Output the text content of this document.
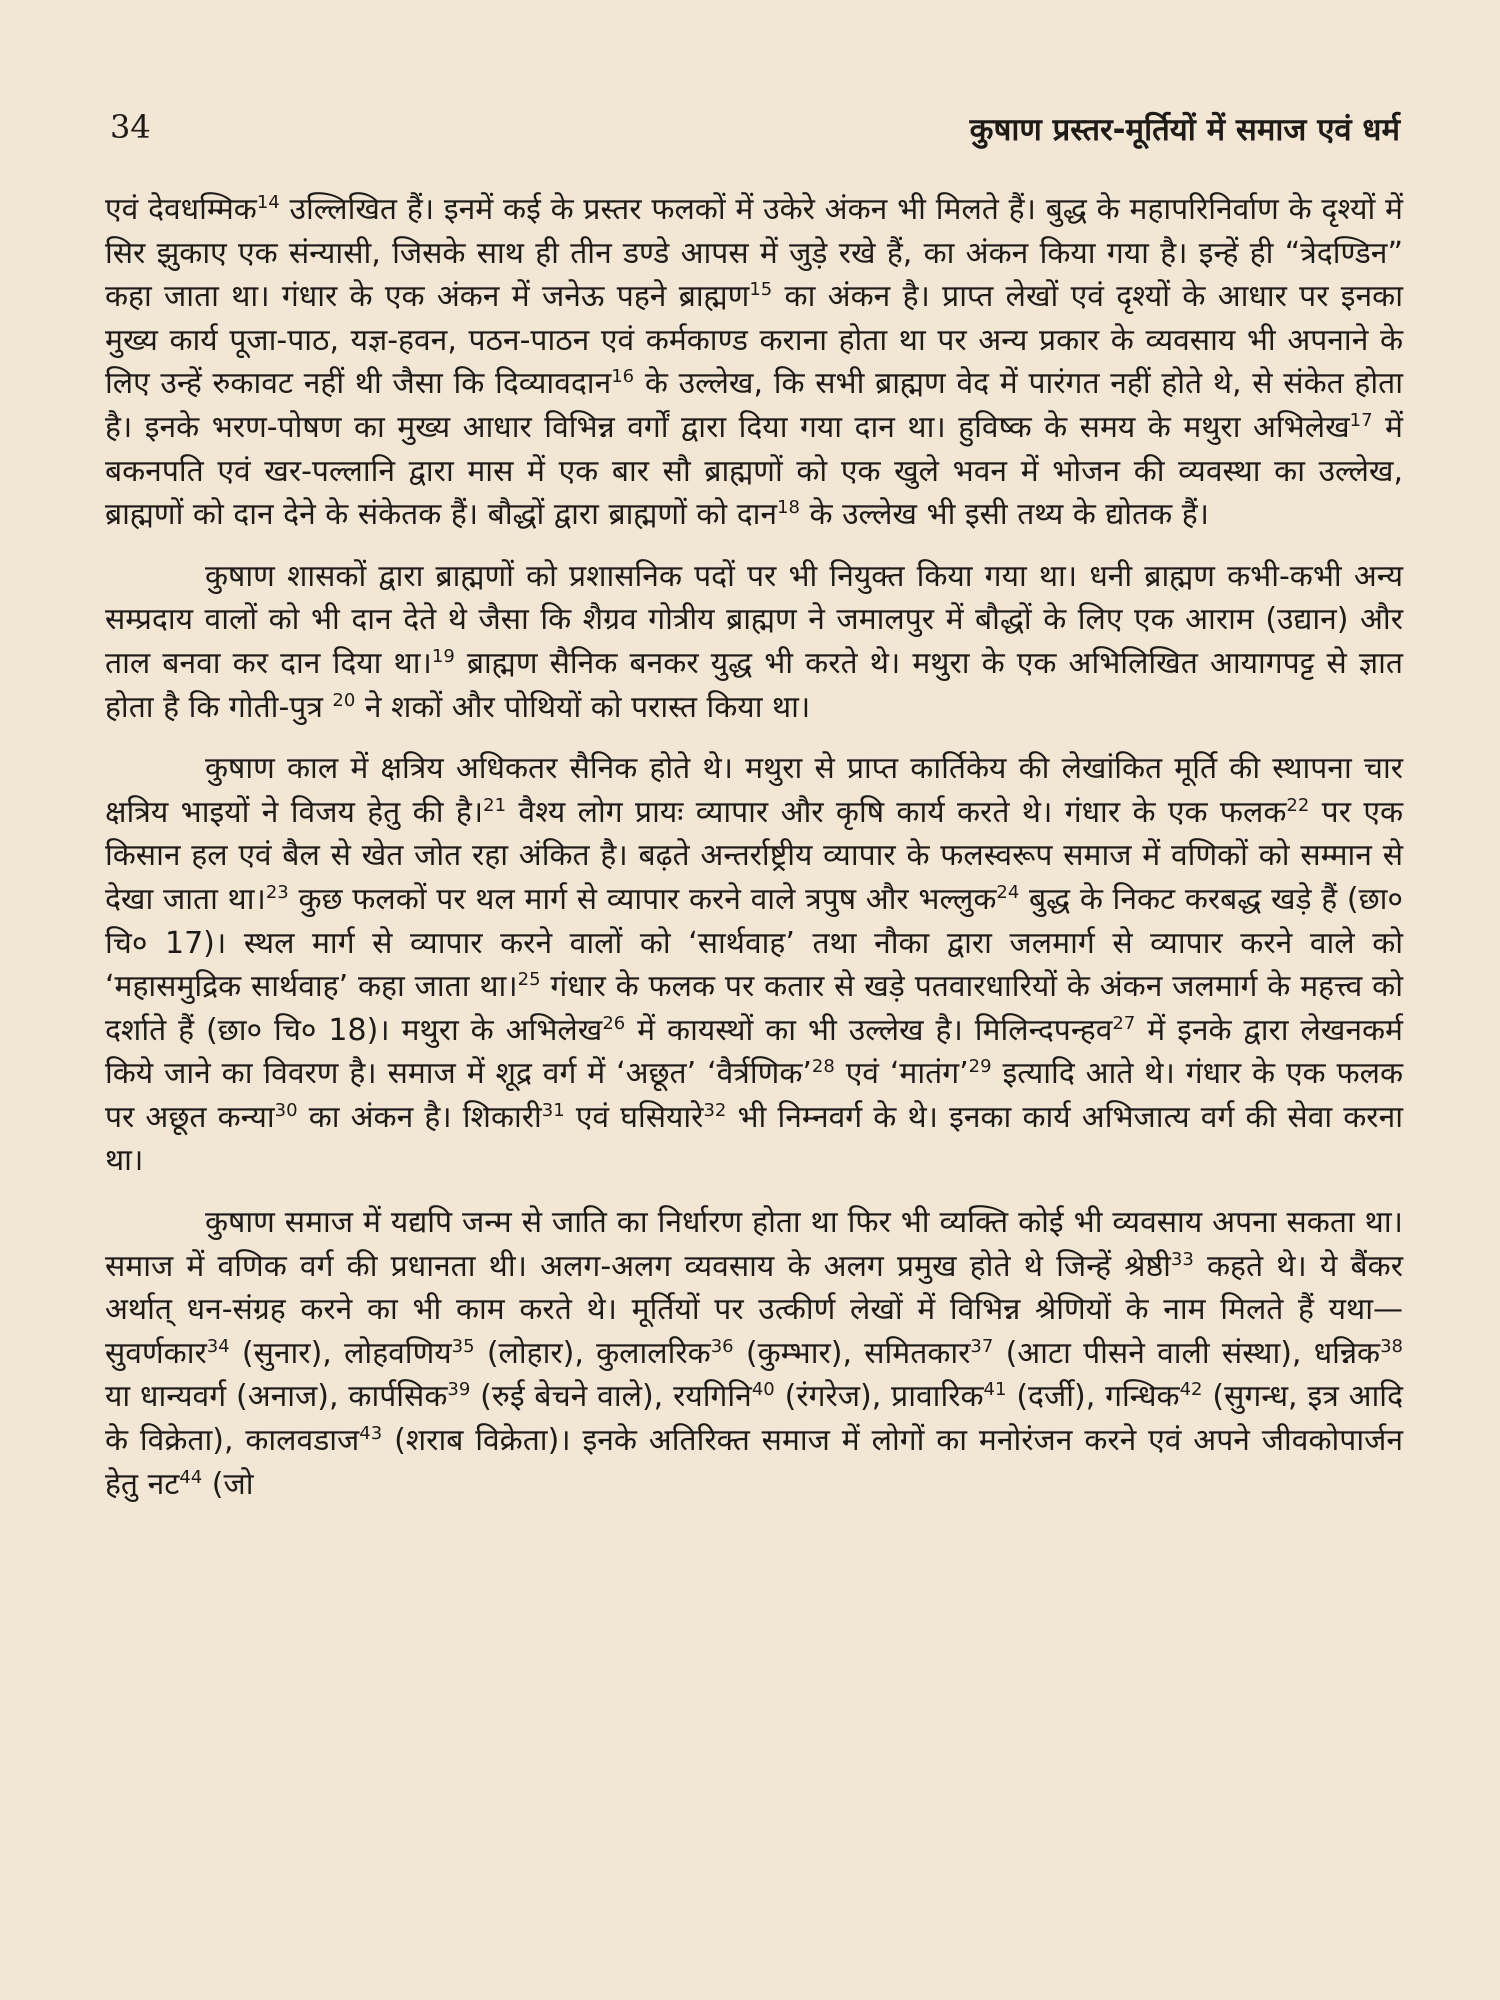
34	कुषाण प्रस्तर-मूर्तियों में समाज एवं धर्म

एवं देवधम्मिक$^{14}$ उल्लिखित हैं। इनमें कई के प्रस्तर फलकों में उकेरे अंकन भी मिलते हैं। बुद्ध के महापरिनिर्वाण के दृश्यों में सिर झुकाए एक संन्यासी, जिसके साथ ही तीन डण्डे आपस में जुड़े रखे हैं, का अंकन किया गया है। इन्हें ही “त्रेदण्डिन” कहा जाता था। गंधार के एक अंकन में जनेऊ पहने ब्राह्मण$^{15}$ का अंकन है। प्राप्त लेखों एवं दृश्यों के आधार पर इनका मुख्य कार्य पूजा-पाठ, यज्ञ-हवन, पठन-पाठन एवं कर्मकाण्ड कराना होता था पर अन्य प्रकार के व्यवसाय भी अपनाने के लिए उन्हें रुकावट नहीं थी जैसा कि दिव्यावदान$^{16}$ के उल्लेख, कि सभी ब्राह्मण वेद में पारंगत नहीं होते थे, से संकेत होता है। इनके भरण-पोषण का मुख्य आधार विभिन्न वर्गों द्वारा दिया गया दान था। हुविष्क के समय के मथुरा अभिलेख$^{17}$ में बकनपति एवं खर-पल्लानि द्वारा मास में एक बार सौ ब्राह्मणों को एक खुले भवन में भोजन की व्यवस्था का उल्लेख, ब्राह्मणों को दान देने के संकेतक हैं। बौद्धों द्वारा ब्राह्मणों को दान$^{18}$ के उल्लेख भी इसी तथ्य के द्योतक हैं।

कुषाण शासकों द्वारा ब्राह्मणों को प्रशासनिक पदों पर भी नियुक्त किया गया था। धनी ब्राह्मण कभी-कभी अन्य सम्प्रदाय वालों को भी दान देते थे जैसा कि शैग्रव गोत्रीय ब्राह्मण ने जमालपुर में बौद्धों के लिए एक आराम (उद्यान) और ताल बनवा कर दान दिया था।$^{19}$ ब्राह्मण सैनिक बनकर युद्ध भी करते थे। मथुरा के एक अभिलिखित आयागपट्ट से ज्ञात होता है कि गोती-पुत्र $^{20}$ ने शकों और पोथियों को परास्त किया था।

कुषाण काल में क्षत्रिय अधिकतर सैनिक होते थे। मथुरा से प्राप्त कार्तिकेय की लेखांकित मूर्ति की स्थापना चार क्षत्रिय भाइयों ने विजय हेतु की है।$^{21}$ वैश्य लोग प्रायः व्यापार और कृषि कार्य करते थे। गंधार के एक फलक$^{22}$ पर एक किसान हल एवं बैल से खेत जोत रहा अंकित है। बढ़ते अन्तर्राष्ट्रीय व्यापार के फलस्वरूप समाज में वणिकों को सम्मान से देखा जाता था।$^{23}$ कुछ फलकों पर थल मार्ग से व्यापार करने वाले त्रपुष और भल्लुक$^{24}$ बुद्ध के निकट करबद्ध खड़े हैं (छा० चि० 17)। स्थल मार्ग से व्यापार करने वालों को ‘सार्थवाह’ तथा नौका द्वारा जलमार्ग से व्यापार करने वाले को ‘महासमुद्रिक सार्थवाह’ कहा जाता था।$^{25}$ गंधार के फलक पर कतार से खड़े पतवारधारियों के अंकन जलमार्ग के महत्त्व को दर्शाते हैं (छा० चि० 18)। मथुरा के अभिलेख$^{26}$ में कायस्थों का भी उल्लेख है। मिलिन्दपन्हव$^{27}$ में इनके द्वारा लेखनकर्म किये जाने का विवरण है। समाज में शूद्र वर्ग में ‘अछूत’ ‘वैर्त्रणिक’$^{28}$ एवं ‘मातंग’$^{29}$ इत्यादि आते थे। गंधार के एक फलक पर अछूत कन्या$^{30}$ का अंकन है। शिकारी$^{31}$ एवं घसियारे$^{32}$ भी निम्नवर्ग के थे। इनका कार्य अभिजात्य वर्ग की सेवा करना था।

कुषाण समाज में यद्यपि जन्म से जाति का निर्धारण होता था फिर भी व्यक्ति कोई भी व्यवसाय अपना सकता था। समाज में वणिक वर्ग की प्रधानता थी। अलग-अलग व्यवसाय के अलग प्रमुख होते थे जिन्हें श्रेष्ठी$^{33}$ कहते थे। ये बैंकर अर्थात् धन-संग्रह करने का भी काम करते थे। मूर्तियों पर उत्कीर्ण लेखों में विभिन्न श्रेणियों के नाम मिलते हैं यथा—सुवर्णकार$^{34}$ (सुनार), लोहवणिय$^{35}$ (लोहार), कुलालरिक$^{36}$ (कुम्भार), समितकार$^{37}$ (आटा पीसने वाली संस्था), धन्निक$^{38}$ या धान्यवर्ग (अनाज), कार्पसिक$^{39}$ (रुई बेचने वाले), रयगिनि$^{40}$ (रंगरेज), प्रावारिक$^{41}$ (दर्जी), गन्धिक$^{42}$ (सुगन्ध, इत्र आदि के विक्रेता), कालवडाज$^{43}$ (शराब विक्रेता)। इनके अतिरिक्त समाज में लोगों का मनोरंजन करने एवं अपने जीवकोपार्जन हेतु नट$^{44}$ (जो
